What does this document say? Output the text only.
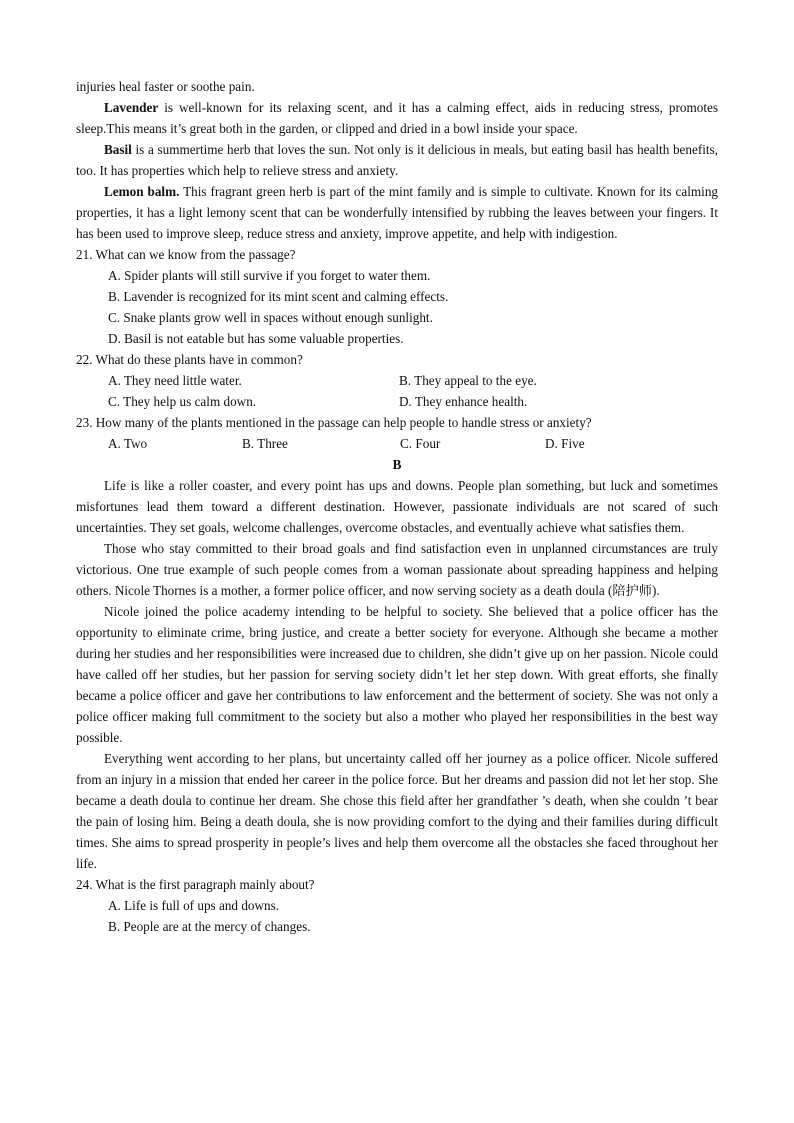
injuries heal faster or soothe pain.

Lavender is well-known for its relaxing scent, and it has a calming effect, aids in reducing stress, promotes sleep.This means it’s great both in the garden, or clipped and dried in a bowl inside your space.

Basil is a summertime herb that loves the sun. Not only is it delicious in meals, but eating basil has health benefits, too. It has properties which help to relieve stress and anxiety.

Lemon balm. This fragrant green herb is part of the mint family and is simple to cultivate. Known for its calming properties, it has a light lemony scent that can be wonderfully intensified by rubbing the leaves between your fingers. It has been used to improve sleep, reduce stress and anxiety, improve appetite, and help with indigestion.

21. What can we know from the passage?

A. Spider plants will still survive if you forget to water them.
B. Lavender is recognized for its mint scent and calming effects.
C. Snake plants grow well in spaces without enough sunlight.
D. Basil is not eatable but has some valuable properties.

22. What do these plants have in common?

A. They need little water.	B. They appeal to the eye.
C. They help us calm down.	D. They enhance health.

23. How many of the plants mentioned in the passage can help people to handle stress or anxiety?

A. Two	B. Three	C. Four	D. Five

B

Life is like a roller coaster, and every point has ups and downs. People plan something, but luck and sometimes misfortunes lead them toward a different destination. However, passionate individuals are not scared of such uncertainties. They set goals, welcome challenges, overcome obstacles, and eventually achieve what satisfies them.

Those who stay committed to their broad goals and find satisfaction even in unplanned circumstances are truly victorious. One true example of such people comes from a woman passionate about spreading happiness and helping others. Nicole Thornes is a mother, a former police officer, and now serving society as a death doula (陪护师).

Nicole joined the police academy intending to be helpful to society. She believed that a police officer has the opportunity to eliminate crime, bring justice, and create a better society for everyone. Although she became a mother during her studies and her responsibilities were increased due to children, she didn’t give up on her passion. Nicole could have called off her studies, but her passion for serving society didn’t let her step down. With great efforts, she finally became a police officer and gave her contributions to law enforcement and the betterment of society. She was not only a police officer making full commitment to the society but also a mother who played her responsibilities in the best way possible.

Everything went according to her plans, but uncertainty called off her journey as a police officer. Nicole suffered from an injury in a mission that ended her career in the police force. But her dreams and passion did not let her stop. She became a death doula to continue her dream. She chose this field after her grandfather ’s death, when she couldn ’t bear the pain of losing him. Being a death doula, she is now providing comfort to the dying and their families during difficult times. She aims to spread prosperity in people’s lives and help them overcome all the obstacles she faced throughout her life.

24. What is the first paragraph mainly about?

A. Life is full of ups and downs.
B. People are at the mercy of changes.
